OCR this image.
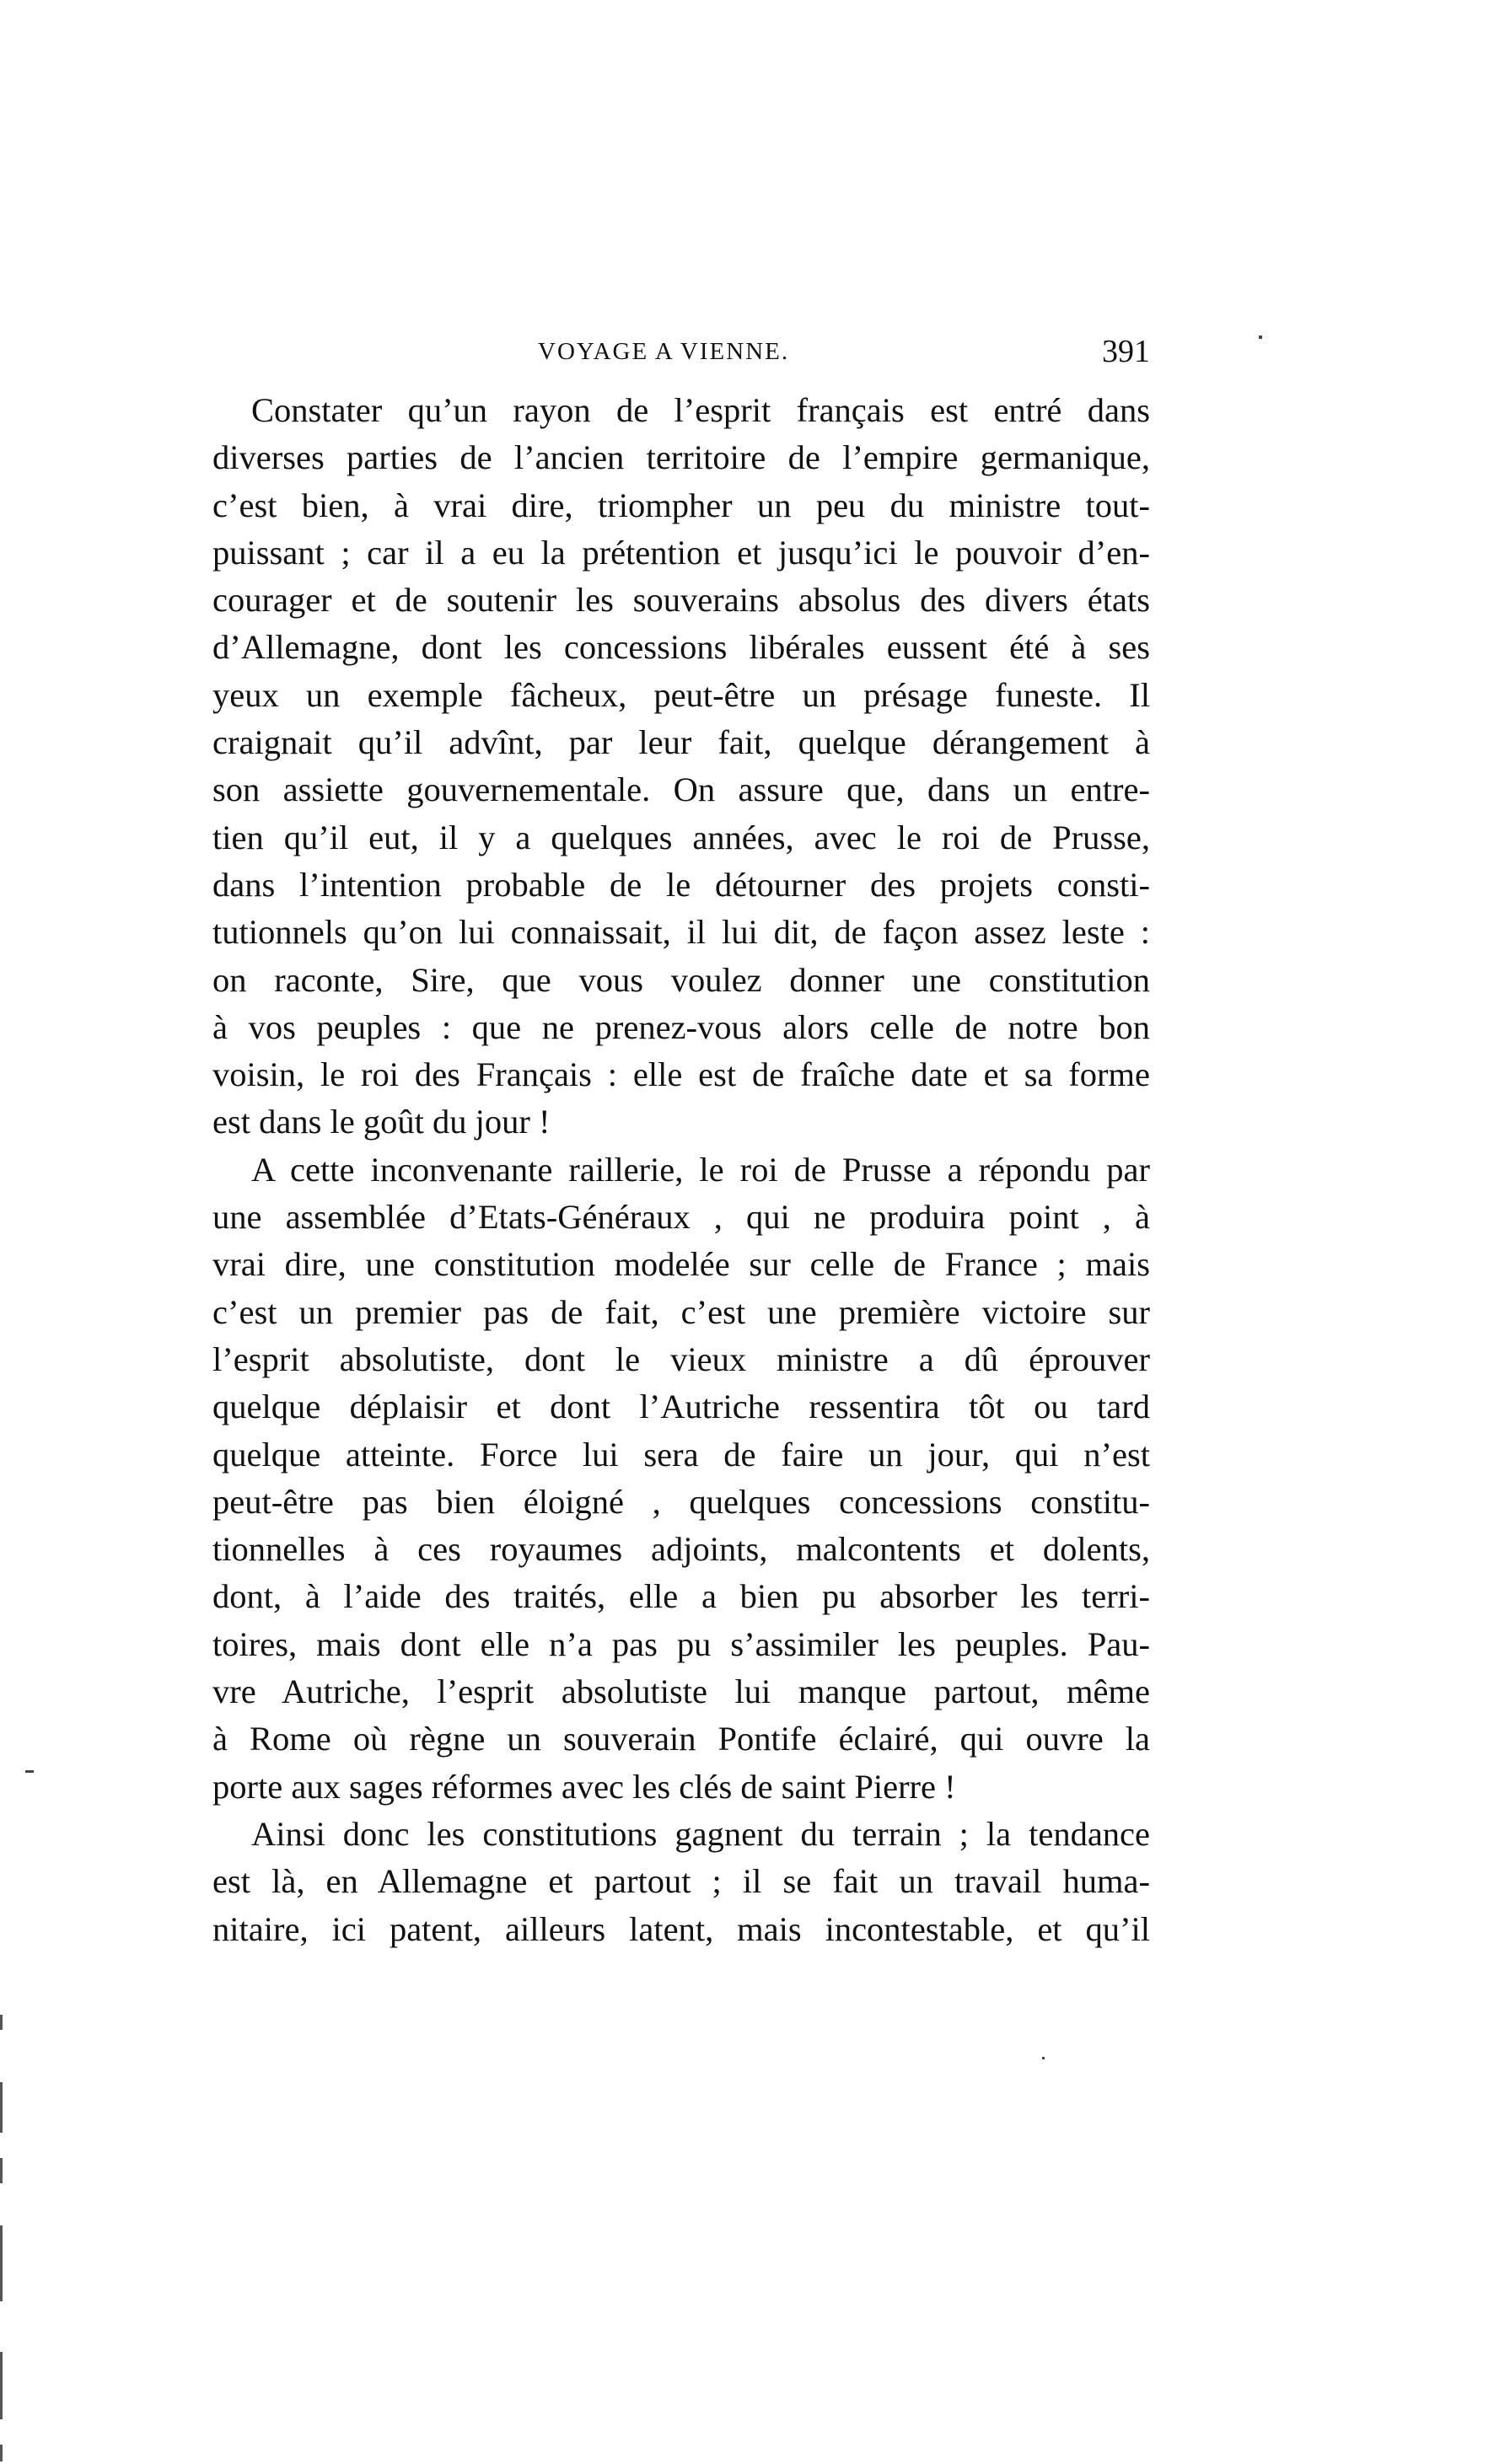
VOYAGE A VIENNE.	391
Constater qu’un rayon de l’esprit français est entré dans
diverses parties de l’ancien territoire de l’empire germanique,
c’est bien, à vrai dire, triompher un peu du ministre tout-
puissant ; car il a eu la prétention et jusqu’ici le pouvoir d’en-
courager et de soutenir les souverains absolus des divers états
d’Allemagne, dont les concessions libérales eussent été à ses
yeux un exemple fâcheux, peut-être un présage funeste. Il
craignait qu’il advînt, par leur fait, quelque dérangement à
son assiette gouvernementale. On assure que, dans un entre-
tien qu’il eut, il y a quelques années, avec le roi de Prusse,
dans l’intention probable de le détourner des projets consti-
tutionnels qu’on lui connaissait, il lui dit, de façon assez leste :
on raconte, Sire, que vous voulez donner une constitution
à vos peuples : que ne prenez-vous alors celle de notre bon
voisin, le roi des Français : elle est de fraîche date et sa forme
est dans le goût du jour !
A cette inconvenante raillerie, le roi de Prusse a répondu par
une assemblée d’Etats-Généraux , qui ne produira point , à
vrai dire, une constitution modelée sur celle de France ; mais
c’est un premier pas de fait, c’est une première victoire sur
l’esprit absolutiste, dont le vieux ministre a dû éprouver
quelque déplaisir et dont l’Autriche ressentira tôt ou tard
quelque atteinte. Force lui sera de faire un jour, qui n’est
peut-être pas bien éloigné , quelques concessions constitu-
tionnelles à ces royaumes adjoints, malcontents et dolents,
dont, à l’aide des traités, elle a bien pu absorber les terri-
toires, mais dont elle n’a pas pu s’assimiler les peuples. Pau-
vre Autriche, l’esprit absolutiste lui manque partout, même
à Rome où règne un souverain Pontife éclairé, qui ouvre la
porte aux sages réformes avec les clés de saint Pierre !
Ainsi donc les constitutions gagnent du terrain ; la tendance
est là, en Allemagne et partout ; il se fait un travail huma-
nitaire, ici patent, ailleurs latent, mais incontestable, et qu’il
